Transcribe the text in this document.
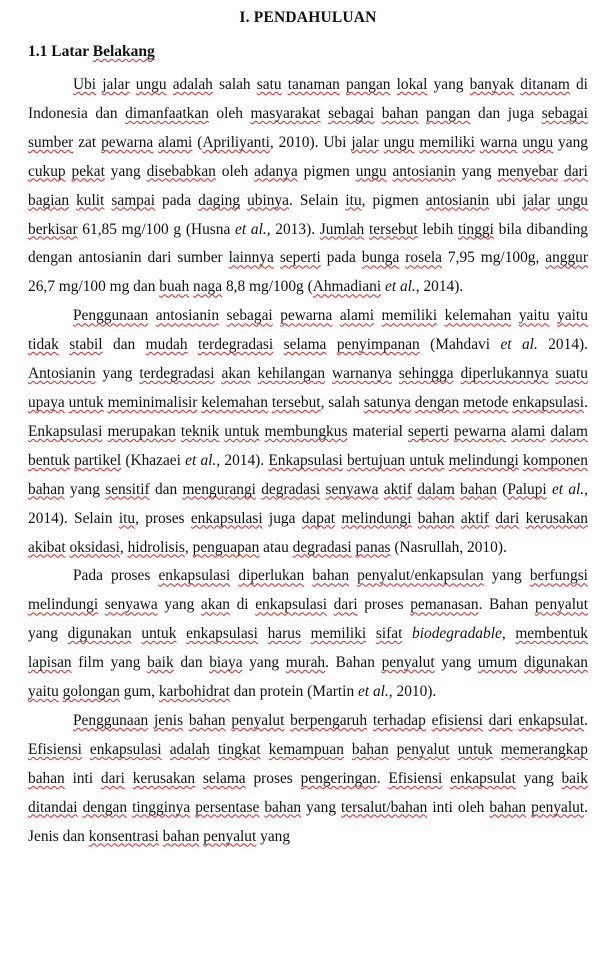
I. PENDAHULUAN
1.1 Latar Belakang

Ubi jalar ungu adalah salah satu tanaman pangan lokal yang banyak ditanam di Indonesia dan dimanfaatkan oleh masyarakat sebagai bahan pangan dan juga sebagai sumber zat pewarna alami (Apriliyanti, 2010). Ubi jalar ungu memiliki warna ungu yang cukup pekat yang disebabkan oleh adanya pigmen ungu antosianin yang menyebar dari bagian kulit sampai pada daging ubinya. Selain itu, pigmen antosianin ubi jalar ungu berkisar 61,85 mg/100 g (Husna et al., 2013). Jumlah tersebut lebih tinggi bila dibanding dengan antosianin dari sumber lainnya seperti pada bunga rosela 7,95 mg/100g, anggur 26,7 mg/100 mg dan buah naga 8,8 mg/100g (Ahmadiani et al., 2014).

Penggunaan antosianin sebagai pewarna alami memiliki kelemahan yaitu yaitu tidak stabil dan mudah terdegradasi selama penyimpanan (Mahdavi et al. 2014). Antosianin yang terdegradasi akan kehilangan warnanya sehingga diperlukannya suatu upaya untuk meminimalisir kelemahan tersebut, salah satunya dengan metode enkapsulasi. Enkapsulasi merupakan teknik untuk membungkus material seperti pewarna alami dalam bentuk partikel (Khazaei et al., 2014). Enkapsulasi bertujuan untuk melindungi komponen bahan yang sensitif dan mengurangi degradasi senyawa aktif dalam bahan (Palupi et al., 2014). Selain itu, proses enkapsulasi juga dapat melindungi bahan aktif dari kerusakan akibat oksidasi, hidrolisis, penguapan atau degradasi panas (Nasrullah, 2010).

Pada proses enkapsulasi diperlukan bahan penyalut/enkapsulan yang berfungsi melindungi senyawa yang akan di enkapsulasi dari proses pemanasan. Bahan penyalut yang digunakan untuk enkapsulasi harus memiliki sifat biodegradable, membentuk lapisan film yang baik dan biaya yang murah. Bahan penyalut yang umum digunakan yaitu golongan gum, karbohidrat dan protein (Martin et al., 2010).

Penggunaan jenis bahan penyalut berpengaruh terhadap efisiensi dari enkapsulat. Efisiensi enkapsulasi adalah tingkat kemampuan bahan penyalut untuk memerangkap bahan inti dari kerusakan selama proses pengeringan. Efisiensi enkapsulat yang baik ditandai dengan tingginya persentase bahan yang tersalut/bahan inti oleh bahan penyalut. Jenis dan konsentrasi bahan penyalut yang
